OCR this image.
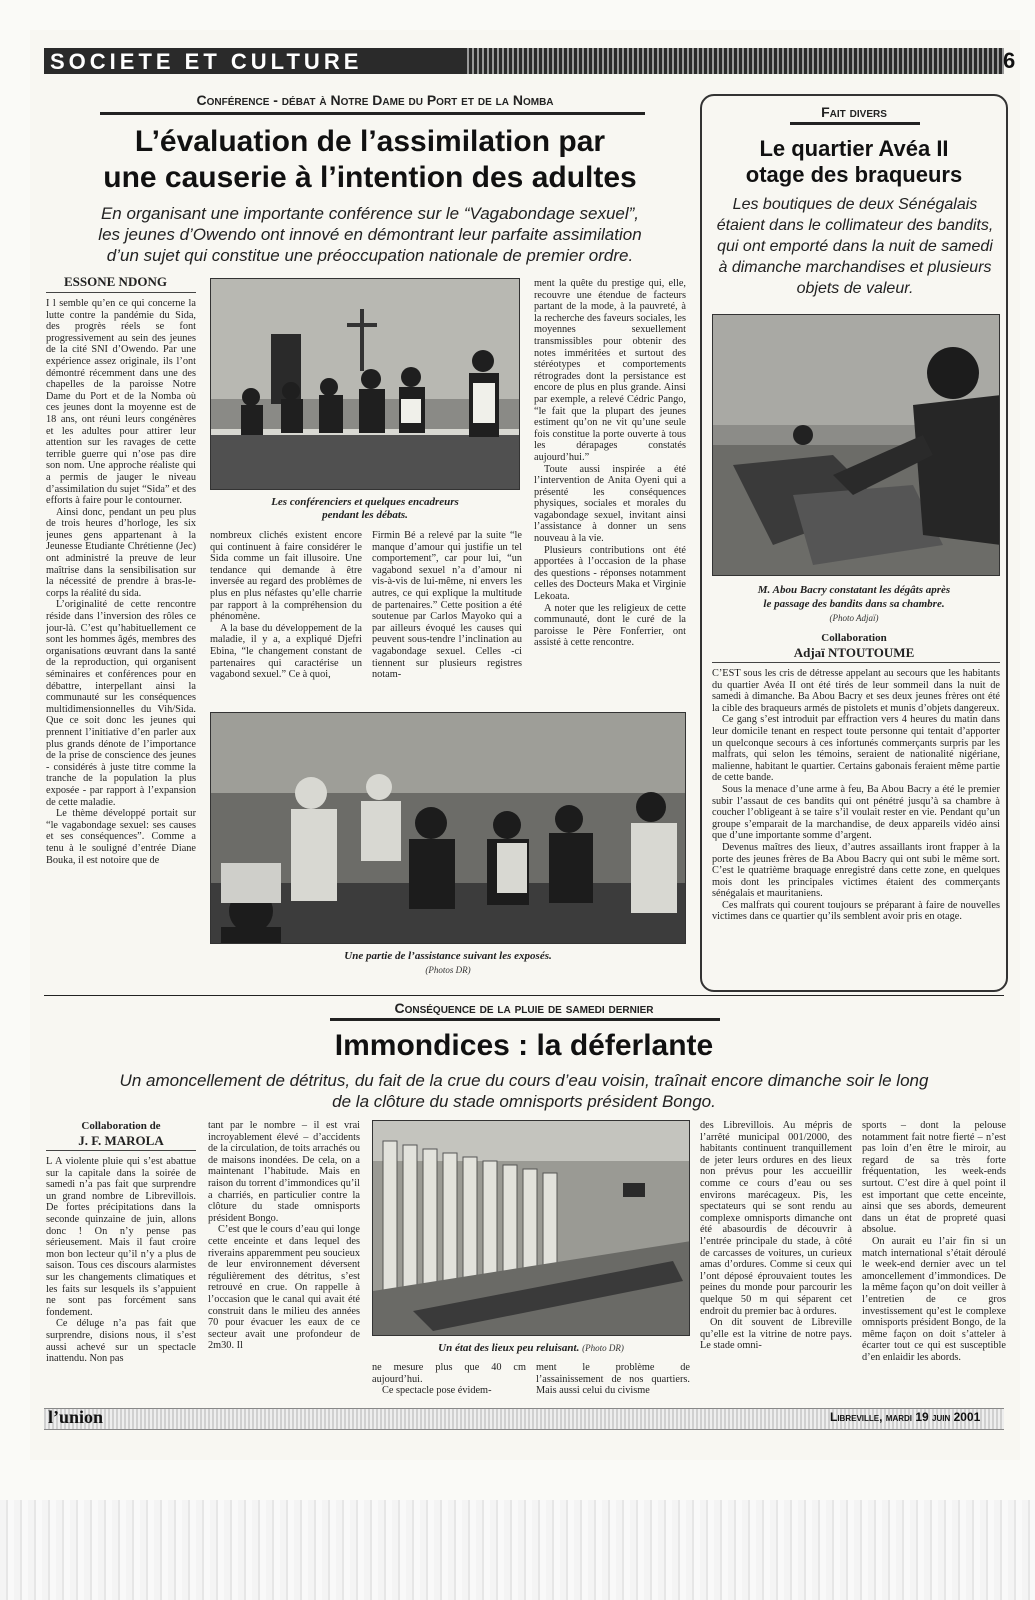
SOCIETE ET CULTURE	6
Conférence - débat à Notre Dame du Port et de la Nomba
L’évaluation de l’assimilation par
une causerie à l’intention des adultes
En organisant une importante conférence sur le “Vagabondage sexuel”,
les jeunes d’Owendo ont innové en démontrant leur parfaite assimilation
d’un sujet qui constitue une préoccupation nationale de premier ordre.
ESSONE NDONG

I l semble qu’en ce qui concerne la lutte contre la pandémie du Sida, des progrès réels se font progressivement au sein des jeunes de la cité SNI d’Owendo. Par une expérience assez originale, ils l’ont démontré récemment dans une des chapelles de la paroisse Notre Dame du Port et de la Nomba où ces jeunes dont la moyenne est de 18 ans, ont réuni leurs congénères et les adultes pour attirer leur attention sur les ravages de cette terrible guerre qui n’ose pas dire son nom. Une approche réaliste qui a permis de jauger le niveau d’assimilation du sujet “Sida” et des efforts à faire pour le contourner.

Ainsi donc, pendant un peu plus de trois heures d’horloge, les six jeunes gens appartenant à la Jeunesse Etudiante Chrétienne (Jec) ont administré la preuve de leur maîtrise dans la sensibilisation sur la nécessité de prendre à bras-le-corps la réalité du sida.

L’originalité de cette rencontre réside dans l’inversion des rôles ce jour-là. C’est qu’habituellement ce sont les hommes âgés, membres des organisations œuvrant dans la santé de la reproduction, qui organisent séminaires et conférences pour en débattre, interpellant ainsi la communauté sur les conséquences multidimensionnelles du Vih/Sida. Que ce soit donc les jeunes qui prennent l’initiative d’en parler aux plus grands dénote de l’importance de la prise de conscience des jeunes - considérés à juste titre comme la tranche de la population la plus exposée - par rapport à l’expansion de cette maladie.

Le thème développé portait sur “le vagabondage sexuel: ses causes et ses conséquences”. Comme a tenu à le souligné d’entrée Diane Bouka, il est notoire que de

Les conférenciers et quelques encadreurs
pendant les débats.

nombreux clichés existent encore qui continuent à faire considérer le Sida comme un fait illusoire. Une tendance qui demande à être inversée au regard des problèmes de plus en plus néfastes qu’elle charrie par rapport à la compréhension du phénomène.

A la base du développement de la maladie, il y a, a expliqué Djefri Ebina, “le changement constant de partenaires qui caractérise un vagabond sexuel.” Ce à quoi,

Firmin Bé a relevé par la suite “le manque d’amour qui justifie un tel comportement”, car pour lui, “un vagabond sexuel n’a d’amour ni vis-à-vis de lui-même, ni envers les autres, ce qui explique la multitude de partenaires.” Cette position a été soutenue par Carlos Mayoko qui a par ailleurs évoqué les causes qui peuvent sous-tendre l’inclination au vagabondage sexuel. Celles -ci tiennent sur plusieurs registres notam-

ment la quête du prestige qui, elle, recouvre une étendue de facteurs partant de la mode, à la pauvreté, à la recherche des faveurs sociales, les moyennes sexuellement transmissibles pour obtenir des notes imméritées et surtout des stéréotypes et comportements rétrogrades dont la persistance est encore de plus en plus grande. Ainsi par exemple, a relevé Cédric Pango, “le fait que la plupart des jeunes estiment qu’on ne vit qu’une seule fois constitue la porte ouverte à tous les dérapages constatés aujourd’hui.”

Toute aussi inspirée a été l’intervention de Anita Oyeni qui a présenté les conséquences physiques, sociales et morales du vagabondage sexuel, invitant ainsi l’assistance à donner un sens nouveau à la vie.

Plusieurs contributions ont été apportées à l’occasion de la phase des questions - réponses notamment celles des Docteurs Maka et Virginie Lekoata.

A noter que les religieux de cette communauté, dont le curé de la paroisse le Père Fonferrier, ont assisté à cette rencontre.

Une partie de l’assistance suivant les exposés.
(Photos DR)
Fait divers
Le quartier Avéa II
otage des braqueurs
Les boutiques de deux Sénégalais étaient dans le collimateur des bandits, qui ont emporté dans la nuit de samedi à dimanche marchandises et plusieurs objets de valeur.
M. Abou Bacry constatant les dégâts après
le passage des bandits dans sa chambre.
(Photo Adjaï)
Collaboration
Adjaï NTOUTOUME

C’EST sous les cris de détresse appelant au secours que les habitants du quartier Avéa II ont été tirés de leur sommeil dans la nuit de samedi à dimanche. Ba Abou Bacry et ses deux jeunes frères ont été la cible des braqueurs armés de pistolets et munis d’objets dangereux.

Ce gang s’est introduit par effraction vers 4 heures du matin dans leur domicile tenant en respect toute personne qui tentait d’apporter un quelconque secours à ces infortunés commerçants surpris par les malfrats, qui selon les témoins, seraient de nationalité nigériane, malienne, habitant le quartier. Certains gabonais feraient même partie de cette bande.

Sous la menace d’une arme à feu, Ba Abou Bacry a été le premier subir l’assaut de ces bandits qui ont pénétré jusqu’à sa chambre à coucher l’obligeant à se taire s’il voulait rester en vie. Pendant qu’un groupe s’emparait de la marchandise, de deux appareils vidéo ainsi que d’une importante somme d’argent.

Devenus maîtres des lieux, d’autres assaillants iront frapper à la porte des jeunes frères de Ba Abou Bacry qui ont subi le même sort. C’est le quatrième braquage enregistré dans cette zone, en quelques mois dont les principales victimes étaient des commerçants sénégalais et mauritaniens.

Ces malfrats qui courent toujours se préparant à faire de nouvelles victimes dans ce quartier qu’ils semblent avoir pris en otage.

Conséquence de la pluie de samedi dernier
Immondices : la déferlante
Un amoncellement de détritus, du fait de la crue du cours d’eau voisin, traînait encore dimanche soir le long
de la clôture du stade omnisports président Bongo.
Collaboration de
J. F. MAROLA

L A violente pluie qui s’est abattue sur la capitale dans la soirée de samedi n’a pas fait que surprendre un grand nombre de Librevillois. De fortes précipitations dans la seconde quinzaine de juin, allons donc ! On n’y pense pas sérieusement. Mais il faut croire mon bon lecteur qu’il n’y a plus de saison. Tous ces discours alarmistes sur les changements climatiques et les faits sur lesquels ils s’appuient ne sont pas forcément sans fondement.

Ce déluge n’a pas fait que surprendre, disions nous, il s’est aussi achevé sur un spectacle inattendu. Non pas

tant par le nombre – il est vrai incroyablement élevé – d’accidents de la circulation, de toits arrachés ou de maisons inondées. De cela, on a maintenant l’habitude. Mais en raison du torrent d’immondices qu’il a charriés, en particulier contre la clôture du stade omnisports président Bongo.

C’est que le cours d’eau qui longe cette enceinte et dans lequel des riverains apparemment peu soucieux de leur environnement déversent régulièrement des détritus, s’est retrouvé en crue. On rappelle à l’occasion que le canal qui avait été construit dans le milieu des années 70 pour évacuer les eaux de ce secteur avait une profondeur de 2m30. Il	Un état des lieux peu reluisant. (Photo DR)

ne mesure plus que 40 cm aujourd’hui.

Ce spectacle pose évidem-

ment le problème de l’assainissement de nos quartiers. Mais aussi celui du civisme

des Librevillois. Au mépris de l’arrêté municipal 001/2000, des habitants continuent tranquillement de jeter leurs ordures en des lieux non prévus pour les accueillir comme ce cours d’eau ou ses environs marécageux. Pis, les spectateurs qui se sont rendu au complexe omnisports dimanche ont été abasourdis de découvrir à l’entrée principale du stade, à côté de carcasses de voitures, un curieux amas d’ordures. Comme si ceux qui l’ont déposé éprouvaient toutes les peines du monde pour parcourir les quelque 50 m qui séparent cet endroit du premier bac à ordures.

On dit souvent de Libreville qu’elle est la vitrine de notre pays. Le stade omni-

sports – dont la pelouse notamment fait notre fierté – n’est pas loin d’en être le miroir, au regard de sa très forte fréquentation, les week-ends surtout. C’est dire à quel point il est important que cette enceinte, ainsi que ses abords, demeurent dans un état de propreté quasi absolue.

On aurait eu l’air fin si un match international s’était déroulé le week-end dernier avec un tel amoncellement d’immondices. De la même façon qu’on doit veiller à l’entretien de ce gros investissement qu’est le complexe omnisports président Bongo, de la même façon on doit s’atteler à écarter tout ce qui est susceptible d’en enlaidir les abords.

l’union	Libreville, mardi 19 juin 2001
